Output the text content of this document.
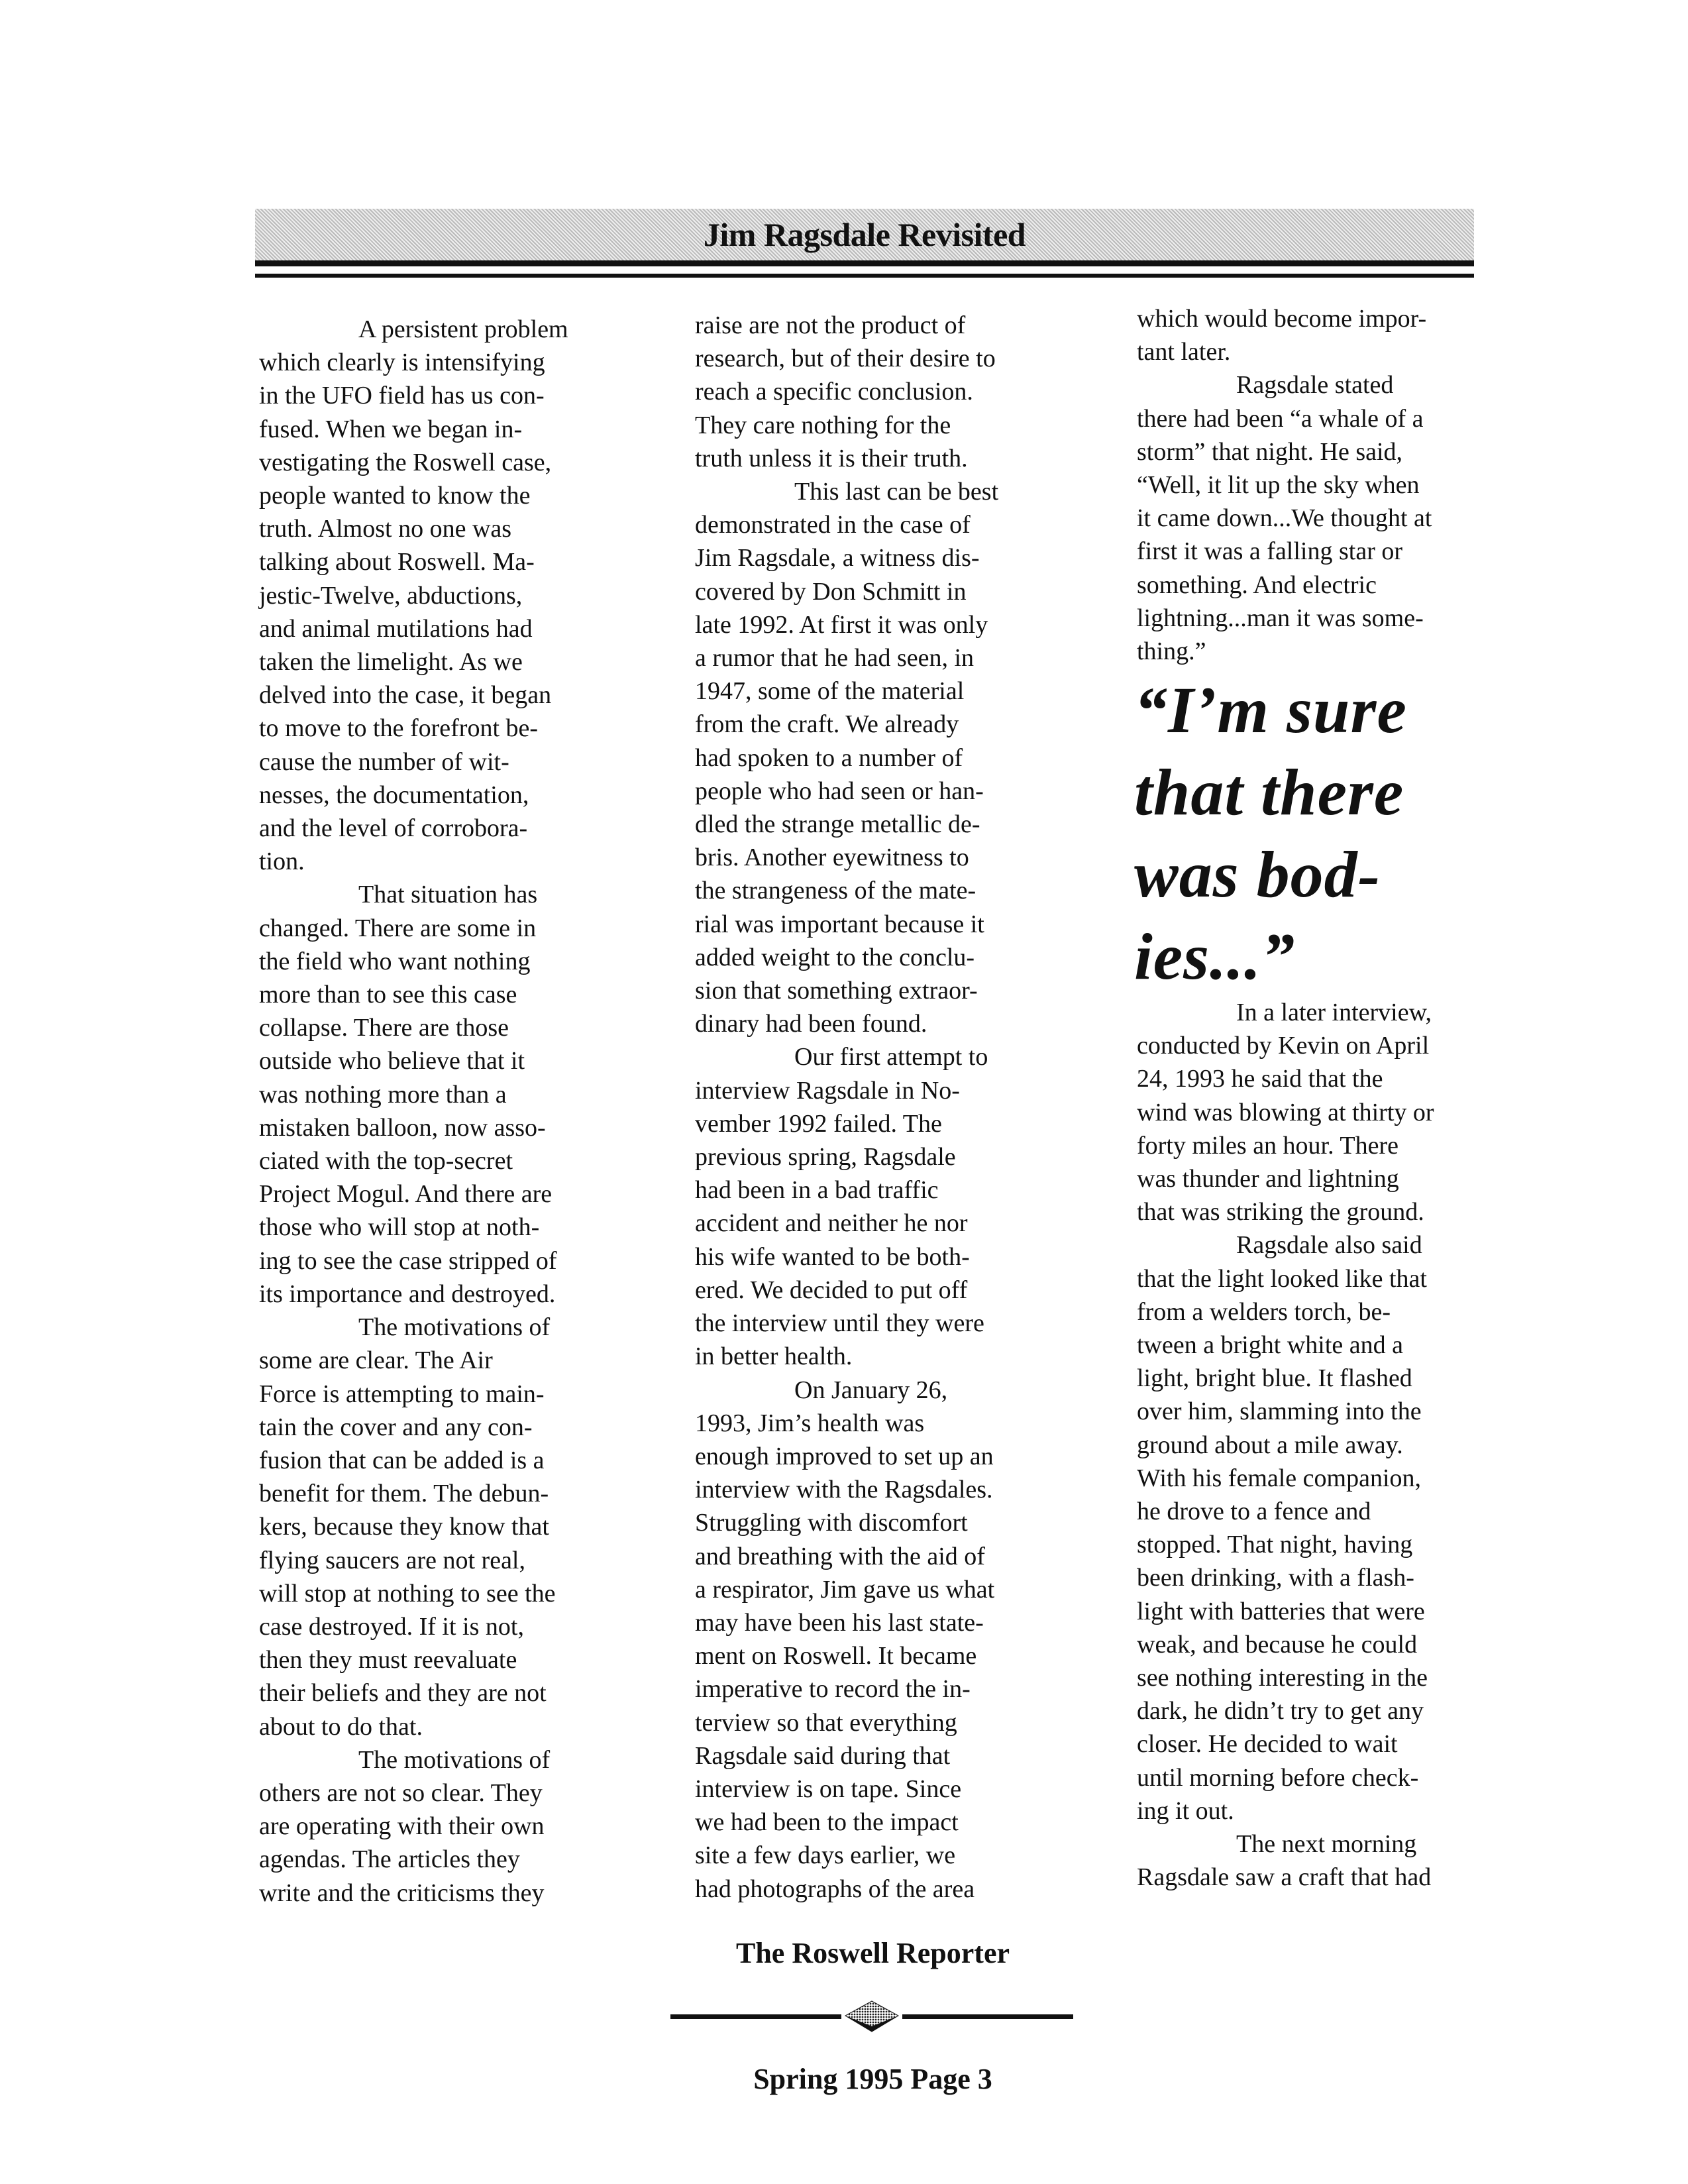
Jim Ragsdale Revisited
A persistent problem
which clearly is intensifying
in the UFO field has us con-
fused. When we began in-
vestigating the Roswell case,
people wanted to know the
truth. Almost no one was
talking about Roswell. Ma-
jestic-Twelve, abductions,
and animal mutilations had
taken the limelight. As we
delved into the case, it began
to move to the forefront be-
cause the number of wit-
nesses, the documentation,
and the level of corrobora-
tion.
That situation has
changed. There are some in
the field who want nothing
more than to see this case
collapse. There are those
outside who believe that it
was nothing more than a
mistaken balloon, now asso-
ciated with the top-secret
Project Mogul. And there are
those who will stop at noth-
ing to see the case stripped of
its importance and destroyed.
The motivations of
some are clear. The Air
Force is attempting to main-
tain the cover and any con-
fusion that can be added is a
benefit for them. The debun-
kers, because they know that
flying saucers are not real,
will stop at nothing to see the
case destroyed. If it is not,
then they must reevaluate
their beliefs and they are not
about to do that.
The motivations of
others are not so clear. They
are operating with their own
agendas. The articles they
write and the criticisms they
raise are not the product of
research, but of their desire to
reach a specific conclusion.
They care nothing for the
truth unless it is their truth.
This last can be best
demonstrated in the case of
Jim Ragsdale, a witness dis-
covered by Don Schmitt in
late 1992. At first it was only
a rumor that he had seen, in
1947, some of the material
from the craft. We already
had spoken to a number of
people who had seen or han-
dled the strange metallic de-
bris. Another eyewitness to
the strangeness of the mate-
rial was important because it
added weight to the conclu-
sion that something extraor-
dinary had been found.
Our first attempt to
interview Ragsdale in No-
vember 1992 failed. The
previous spring, Ragsdale
had been in a bad traffic
accident and neither he nor
his wife wanted to be both-
ered. We decided to put off
the interview until they were
in better health.
On January 26,
1993, Jim’s health was
enough improved to set up an
interview with the Ragsdales.
Struggling with discomfort
and breathing with the aid of
a respirator, Jim gave us what
may have been his last state-
ment on Roswell. It became
imperative to record the in-
terview so that everything
Ragsdale said during that
interview is on tape. Since
we had been to the impact
site a few days earlier, we
had photographs of the area
which would become impor-
tant later.
Ragsdale stated
there had been “a whale of a
storm” that night. He said,
“Well, it lit up the sky when
it came down...We thought at
first it was a falling star or
something. And electric
lightning...man it was some-
thing.”
“I’m sure
that there
was bod-
ies...”
In a later interview,
conducted by Kevin on April
24, 1993 he said that the
wind was blowing at thirty or
forty miles an hour. There
was thunder and lightning
that was striking the ground.
Ragsdale also said
that the light looked like that
from a welders torch, be-
tween a bright white and a
light, bright blue. It flashed
over him, slamming into the
ground about a mile away.
With his female companion,
he drove to a fence and
stopped. That night, having
been drinking, with a flash-
light with batteries that were
weak, and because he could
see nothing interesting in the
dark, he didn’t try to get any
closer. He decided to wait
until morning before check-
ing it out.
The next morning
Ragsdale saw a craft that had
The Roswell Reporter
Spring 1995 Page 3
